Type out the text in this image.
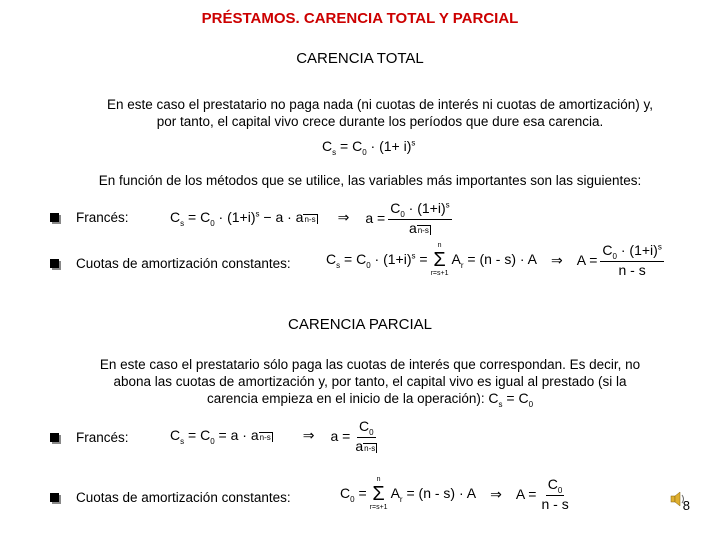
PRÉSTAMOS. CARENCIA TOTAL Y PARCIAL
CARENCIA TOTAL
En este caso el prestatario no paga nada (ni cuotas de interés ni cuotas de amortización) y,
por tanto, el capital vivo crece durante los períodos que dure esa carencia.
$C_s = C_0 \cdot (1+ i)^s$
En función de los métodos que se utilice, las variables más importantes son las siguientes:
Francés:	$C_s = C_0 \cdot (1+i)^s - a \cdot an-s$ ⇒ $a = \frac{C_0 \cdot (1+i)^s}{an-s}$
Cuotas de amortización constantes:	$C_s = C_0 \cdot (1+i)^s$ =
n
Σ
r=s+1
$A_r = (n - s) \cdot A$ ⇒ $A = \frac{C_0 \cdot (1+i)^s}{n - s}$
CARENCIA PARCIAL
En este caso el prestatario sólo paga las cuotas de interés que correspondan. Es decir, no
abona las cuotas de amortización y, por tanto, el capital vivo es igual al prestado (si la
carencia empieza en el inicio de la operación): $C_s = C_0$
Francés:	$C_s = C_0 = a \cdot an-s$ ⇒ $a = \frac{C_0}{an-s}$
Cuotas de amortización constantes:	$C_0$ =
n
Σ
r=s+1
$A_r = (n - s) \cdot A$ ⇒ $A = \frac{C_0}{n - s}$	8
